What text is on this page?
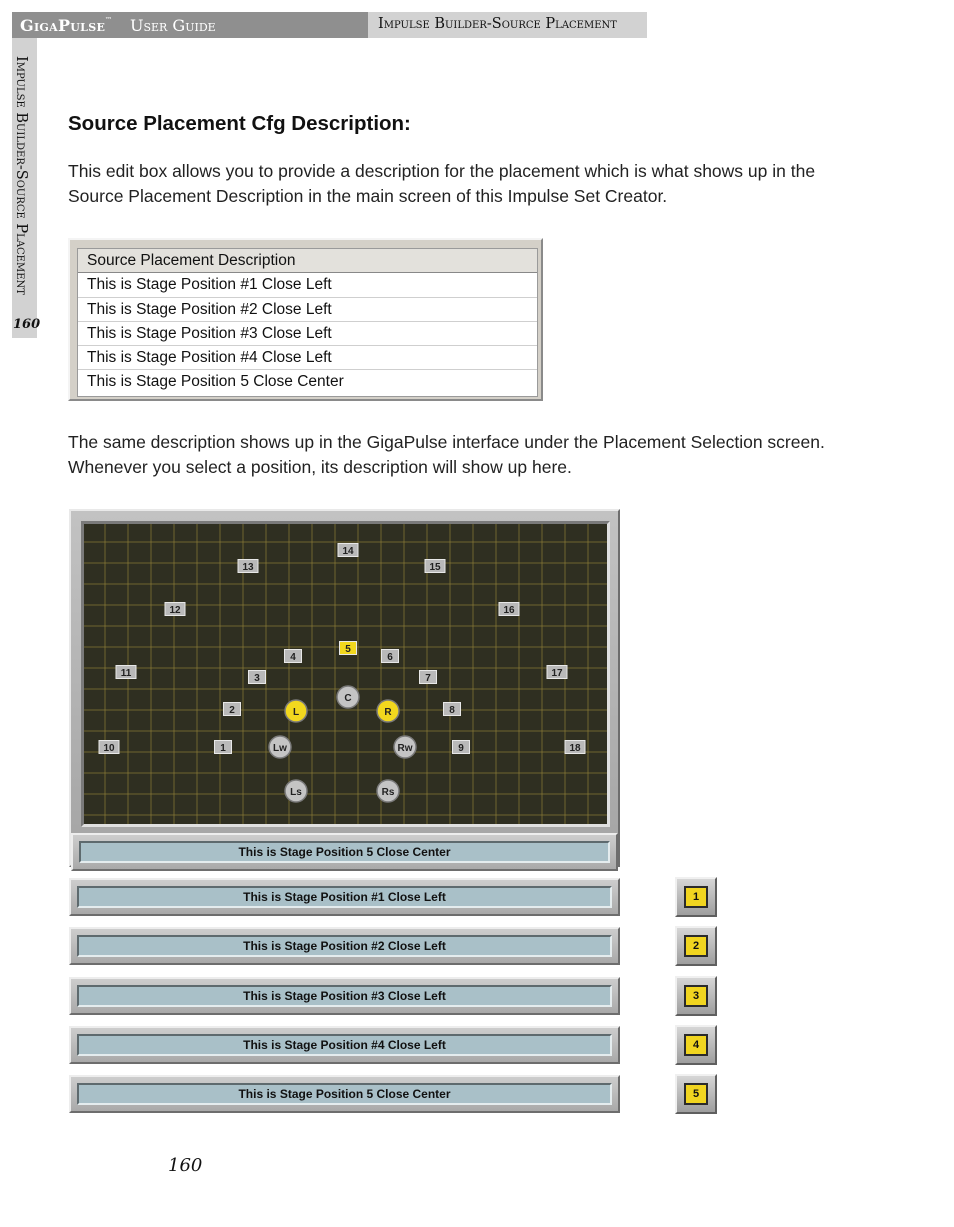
GigaPulse™ User Guide	Impulse Builder-Source Placement
Impulse Builder-Source Placement
160
Source Placement Cfg Description:

This edit box allows you to provide a description for the placement which is what shows up in the Source Placement Description in the main screen of this Impulse Set Creator.

Source Placement Description
This is Stage Position #1 Close Left
This is Stage Position #2 Close Left
This is Stage Position #3 Close Left
This is Stage Position #4 Close Left
This is Stage Position 5 Close Center

The same description shows up in the GigaPulse interface under the Placement Selection screen. Whenever you select a position, its description will show up here.

1
2
3
4
5
6
7
8
9
10
11
12
13
14
15
16
17
18
L
C
R
Lw	Rw
Ls	Rs
This is Stage Position 5 Close Center
This is Stage Position #1 Close Left	1
This is Stage Position #2 Close Left	2
This is Stage Position #3 Close Left	3
This is Stage Position #4 Close Left	4
This is Stage Position 5 Close Center	5
160
